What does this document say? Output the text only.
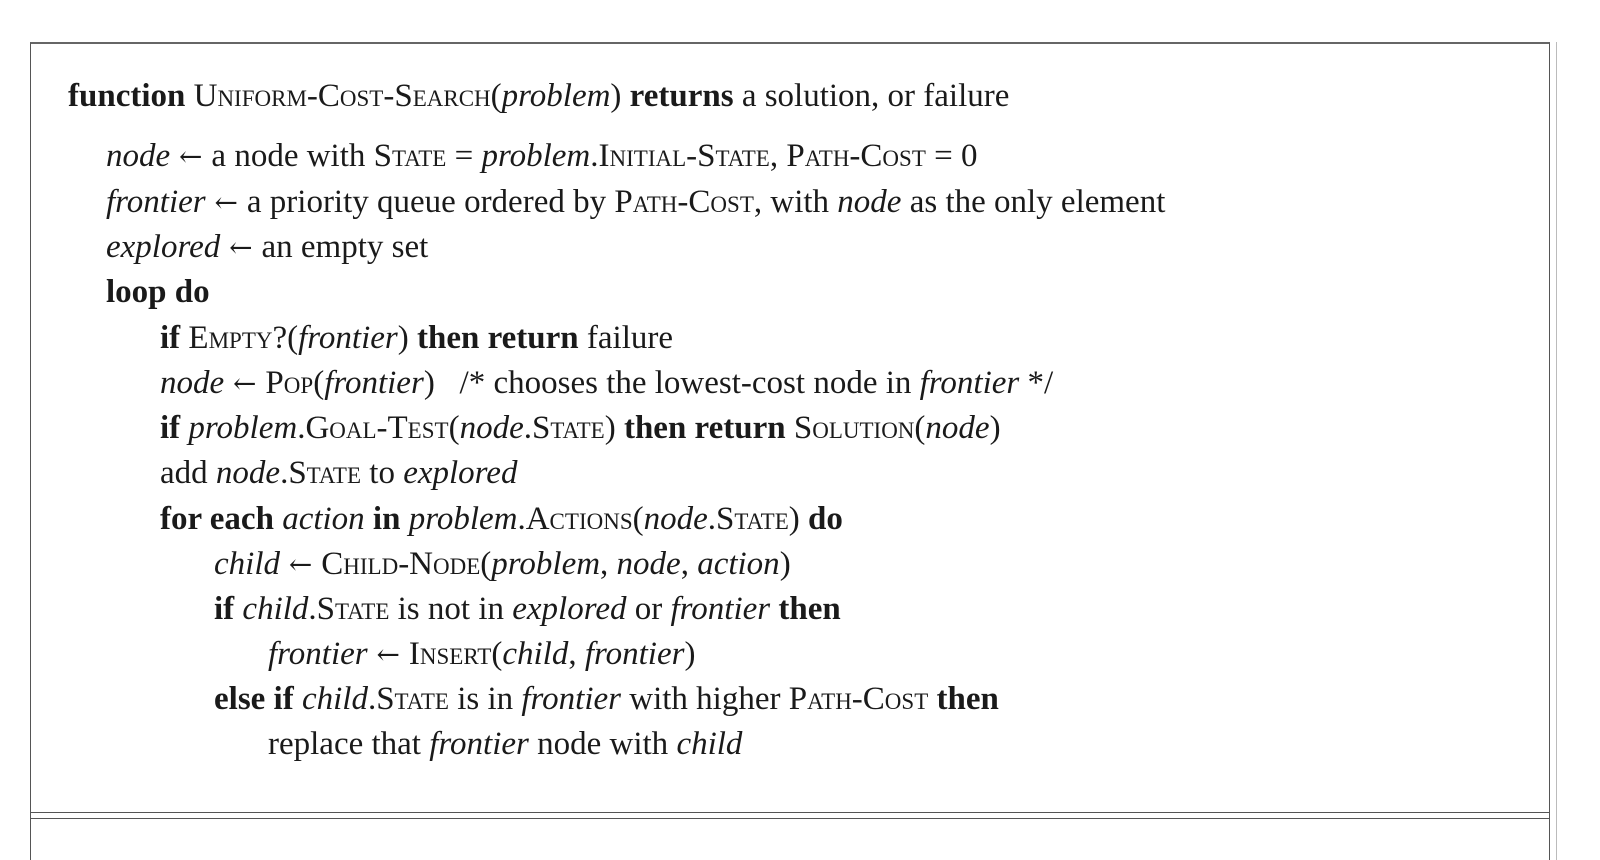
function Uniform-Cost-Search(problem) returns a solution, or failure
node ← a node with State = problem.Initial-State, Path-Cost = 0
frontier ← a priority queue ordered by Path-Cost, with node as the only element
explored ← an empty set
loop do
if Empty?(frontier) then return failure
node ← Pop(frontier)   /* chooses the lowest-cost node in frontier */
if problem.Goal-Test(node.State) then return Solution(node)
add node.State to explored
for each action in problem.Actions(node.State) do
child ← Child-Node(problem, node, action)
if child.State is not in explored or frontier then
frontier ← Insert(child, frontier)
else if child.State is in frontier with higher Path-Cost then
replace that frontier node with child
